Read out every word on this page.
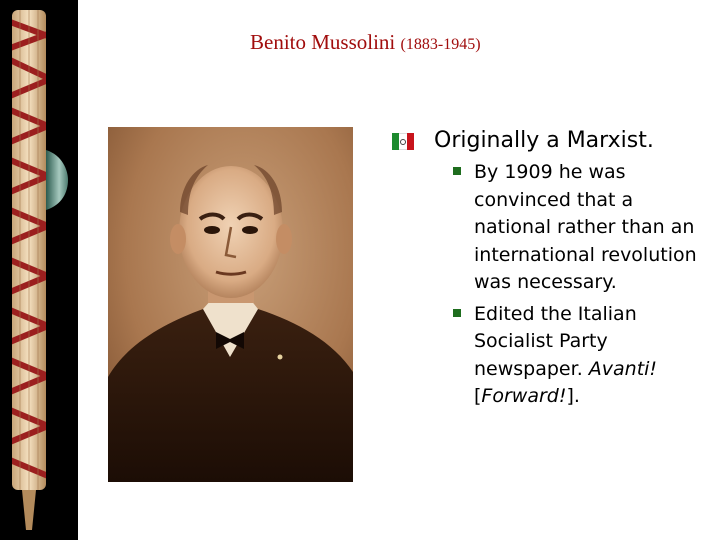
Benito Mussolini (1883-1945)
Originally a Marxist.
By 1909 he was convinced that a national rather than an international revolution was necessary.
Edited the Italian Socialist Party newspaper. Avanti! [Forward!].
